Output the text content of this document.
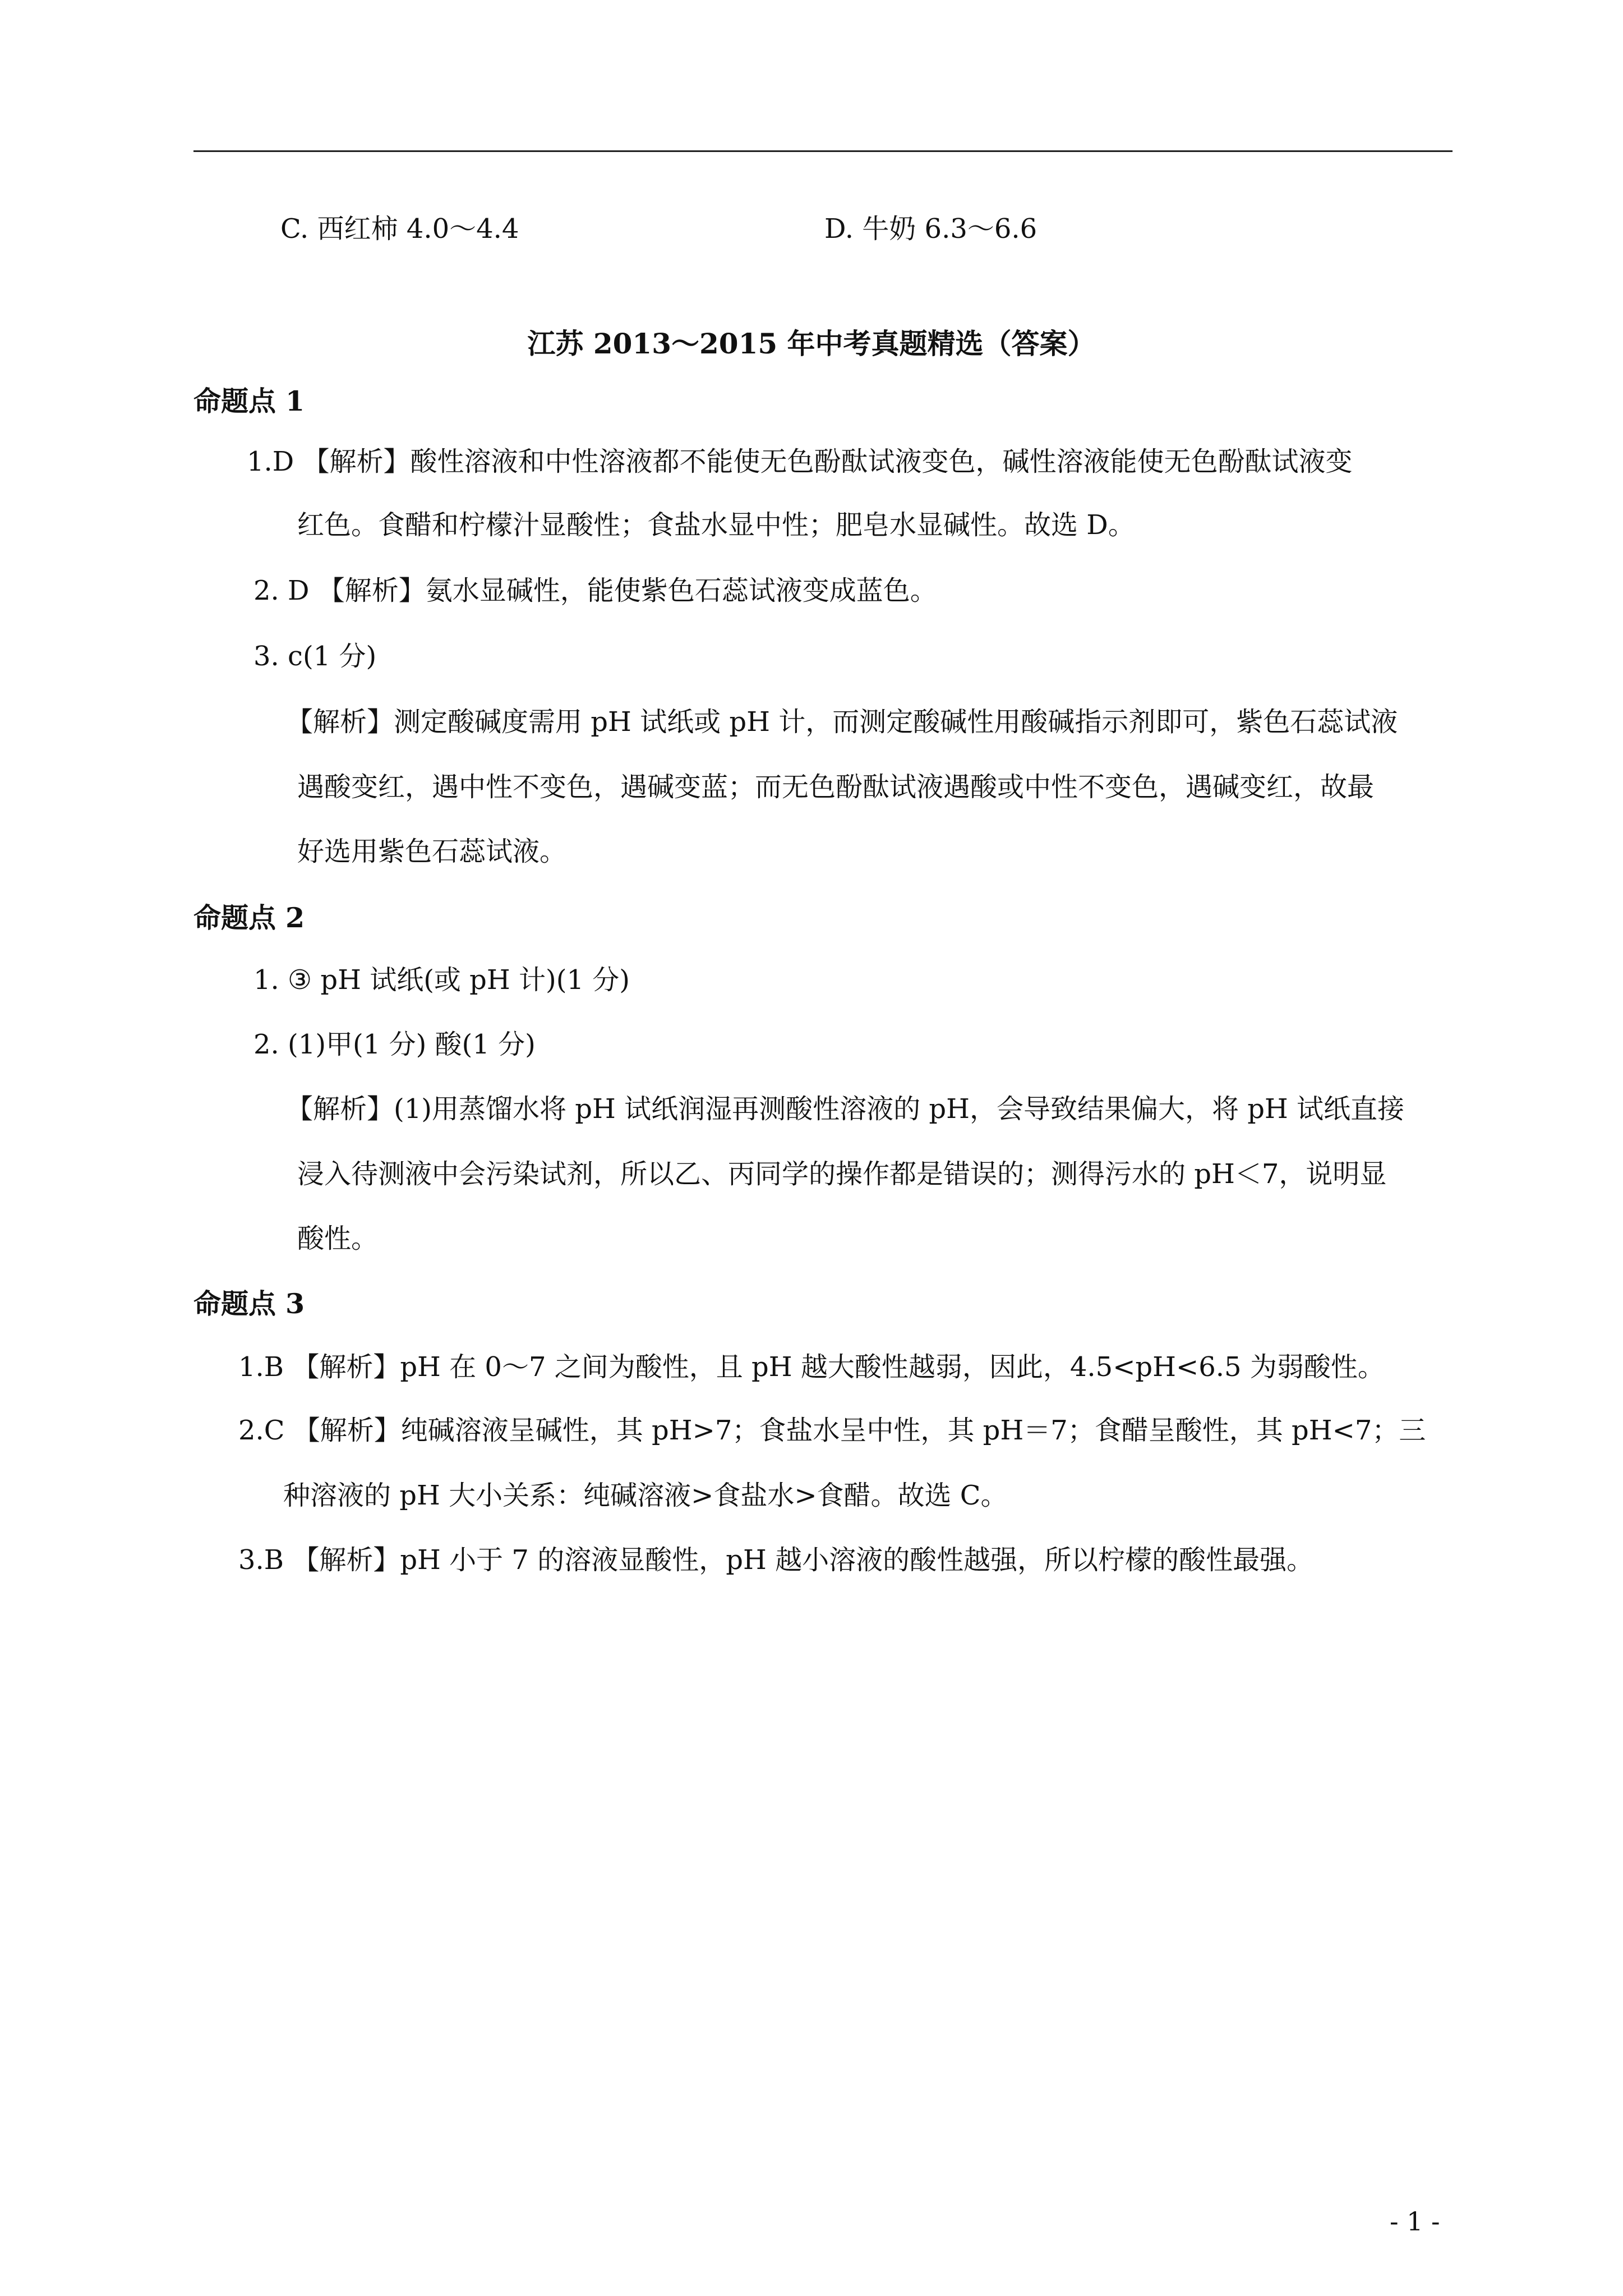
C. 西红柿 4.0～4.4	D. 牛奶 6.3～6.6
江苏 2013～2015 年中考真题精选（答案）
命题点 1
1.D 【解析】酸性溶液和中性溶液都不能使无色酚酞试液变色，碱性溶液能使无色酚酞试液变
红色。食醋和柠檬汁显酸性；食盐水显中性；肥皂水显碱性。故选 D。
2. D 【解析】氨水显碱性，能使紫色石蕊试液变成蓝色。
3. c(1 分)
【解析】测定酸碱度需用 pH 试纸或 pH 计，而测定酸碱性用酸碱指示剂即可，紫色石蕊试液
遇酸变红，遇中性不变色，遇碱变蓝；而无色酚酞试液遇酸或中性不变色，遇碱变红，故最
好选用紫色石蕊试液。
命题点 2
1. ③ pH 试纸(或 pH 计)(1 分)
2. (1)甲(1 分) 酸(1 分)
【解析】(1)用蒸馏水将 pH 试纸润湿再测酸性溶液的 pH，会导致结果偏大，将 pH 试纸直接
浸入待测液中会污染试剂，所以乙、丙同学的操作都是错误的；测得污水的 pH＜7，说明显
酸性。
命题点 3
1.B 【解析】pH 在 0～7 之间为酸性，且 pH 越大酸性越弱，因此，4.5<pH<6.5 为弱酸性。
2.C 【解析】纯碱溶液呈碱性，其 pH>7；食盐水呈中性，其 pH＝7；食醋呈酸性，其 pH<7；三
种溶液的 pH 大小关系：纯碱溶液>食盐水>食醋。故选 C。
3.B 【解析】pH 小于 7 的溶液显酸性，pH 越小溶液的酸性越强，所以柠檬的酸性最强。
- 1 -
